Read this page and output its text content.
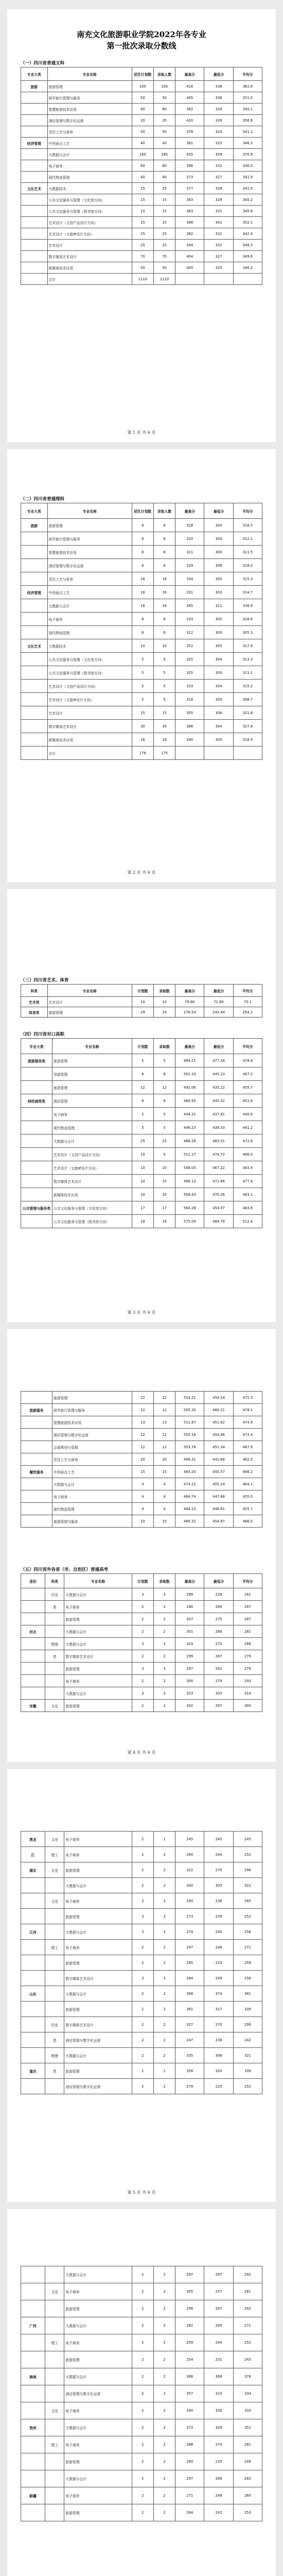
南充文化旅游职业学院2022年各专业
第一批次录取分数线

（一）四川省普通文科

专业大类	专业名称	招生计划数	录取人数	最高分	最低分	平均分
旅游	旅游管理	100	100	416	338	361.6
	研学旅行管理与服务	50	50	405	336	351.0
	智慧旅游技术应用	60	60	382	326	340.1
	酒店管理与数字化运营	20	20	410	339	356.6
	烹饪工艺与营养	50	50	378	324	341.1
经济管理	中西面点工艺	40	40	381	325	346.3
	大数据与会计	180	180	435	359	370.9
	电子商务	60	60	396	332	346.0
	现代物流管理	40	40	373	327	341.9
文化艺术	大数据技术	25	25	377	328	341.0
	公共文化服务与管理（文化馆方向）	15	15	363	329	345.2
	公共文化服务与管理（图书馆方向）	15	15	363	331	345.8
	艺术设计（文创产品设计方向）	15	15	388	341	352.1
	艺术设计（文旅IP设计方向）	25	25	362	332	342.4
	艺术设计	25	25	394	332	348.3
	数字媒体艺术设计	70	70	404	327	349.6
	新媒体技术应用	50	50	400	325	346.2
	合计	1110	1110			
第 1 页 共 6 页

（二）四川省普通理科

专业大类	专业名称	招生计划数	录取人数	最高分	最低分	平均分
旅游	旅游管理	8	8	328	304	318.5
	研学旅行管理与服务	8	8	320	300	312.1
	智慧旅游技术应用	8	8	321	300	311.5
	酒店管理与数字化运营	6	6	329	306	318.0
	烹饪工艺与营养	16	16	334	300	315.3
经济管理	中西面点工艺	16	16	331	303	314.7
	大数据与会计	16	16	385	311	336.9
	电子商务	8	8	333	305	318.6
	现代物流管理	6	6	312	300	305.3
文化艺术	大数据技术	10	10	352	305	317.9
	公共文化服务与管理（文化馆方向）	5	5	325	304	313.3
	公共文化服务与管理（图书馆方向）	5	5	325	300	311.1
	艺术设计（文创产品设计方向）	5	5	333	304	315.2
	艺术设计（文旅IP设计方向）	5	5	318	300	308.7
	艺术设计	15	15	355	306	321.8
	数字媒体艺术设计	30	30	366	304	327.6
	新媒体技术应用	16	16	340	300	318.9
	合计	176	175			
第 2 页 共 6 页

（三）四川省艺术、体育

科类	专业名称	计划数	录取数	最高分	最低分	平均分
艺术类	艺术设计	10	10	79.80	71.80	75.1
体育类	旅游管理	29	29	278.54	243.44	254.2

（四）四川省对口高职

专业大类	专业名称	计划数	录取数	最高分	最低分	平均分
旅游服务类	旅游管理	5	5	484.21	477.18	478.4
	导游管理	8	8	501.33	445.23	467.2
	旅游管理	12	12	491.06	435.22	455.7
财经商贸类	酒店管理	8	8	460.95	445.02	451.6
	电子商务	5	5	444.31	437.81	440.0
	现代物流管理	5	5	446.23	439.33	441.2
	大数据与会计	25	25	486.29	463.51	472.8
	艺术设计（文创产品设计方向）	10	9	511.27	474.72	486.0
	艺术设计（文旅IP设计方向）	10	10	508.05	467.22	483.9
	数字媒体艺术设计	10	10	486.13	471.66	477.4
	新媒体技术应用	10	10	508.43	470.26	483.1
公共管理与服务类	公共文化服务与管理（文化馆方向）	17	17	564.28	454.07	483.8
	公共文化服务与管理（图书馆方向）	18	18	575.09	484.78	512.4
第 3 页 共 6 页
	旅游管理	22	22	514.21	454.24	472.3
旅游服务	研学旅行管理与服务	12	12	505.35	460.21	478.1
	智慧旅游技术应用	13	13	511.87	451.62	474.9
	酒店管理与数字化运营	12	12	505.18	454.06	473.4
	会展策划与管理	12	12	503.76	451.34	467.9
	烹饪工艺与营养	20	20	498.31	441.66	462.5
餐饮服务	中西面点工艺	15	15	483.20	450.57	466.2
	大数据与会计	4	4	474.21	455.24	464.1
	电子商务	4	4	464.74	447.68	455.0
	现代物流管理	4	4	464.23	448.81	455.7
	旅游管理与服务	10	10	480.32	454.87	466.0

（五）四川省外各省（市、自治区）普通高考

省份	科类	专业名称	计划数	录取数	最高分	最低分	平均分
	历史	大数据与会计	3	3	289	226	261
	类	电子商务	2	2	290	284	287
		旅游管理	2	2	307	275	287
河北		大数据与会计	2	2	301	268	281
	物理	大数据与会计	3	3	303	270	288
	类	数字媒体艺术设计	2	2	299	267	279
		旅游管理	3	3	297	262	279
		电子商务	2	2	300	279	293
		大数据与会计	3	3	323	303	314
安徽	文史	旅游管理	2	2	302	297	300
第 4 页 共 6 页
黑龙	文史	电子商务	2	1	245	245	245
江	理工	电子商务	2	2	260	244	252
湖北	文史	旅游管理	2	2	322	270	296
		大数据与会计	2	2	340	303	322
	文史	电子商务	3	3	290	236	265
		旅游管理	3	3	273	239	252
江西		大数据与会计	3	3	274	245	258
	理工	电子商务	2	2	297	246	272
		旅游管理	2	2	285	233	259
		数字媒体艺术设计	3	3	264	249	256
山东		大数据与会计	2	2	388	374	381
		旅游管理	2	2	361	317	339
	历史	数字媒体艺术设计	2	2	327	270	299
	类	酒店管理与数字化运营	2	2	247	236	242
	物理	大数据与会计	2	2	335	306	321
重庆	类	旅游管理	2	2	358	320	339
		酒店管理与数字化运营	2	2	279	225	252
第 5 页 共 6 页
		大数据与会计	2	2	297	287	292
	文史	电子商务	2	2	305	257	281
		旅游管理	2	2	296	287	292
广西		大数据与会计	2	2	282	260	271
	理工	电子商务	2	2	259	244	252
		旅游管理	2	2	254	231	243
海南		大数据与会计	2	2	388	368	378
		酒店管理与数字化运营	2	2	357	310	334
	文史	电子商务	2	2	340	326	333
贵州		大数据与会计	2	2	373	328	351
	理工	电子商务	2	2	288	274	281
		旅游管理	2	2	260	235	248
		大数据与会计	2	2	297	268	283
新疆		电子商务	2	2	271	248	260
		旅游管理	2	2	264	242	253
